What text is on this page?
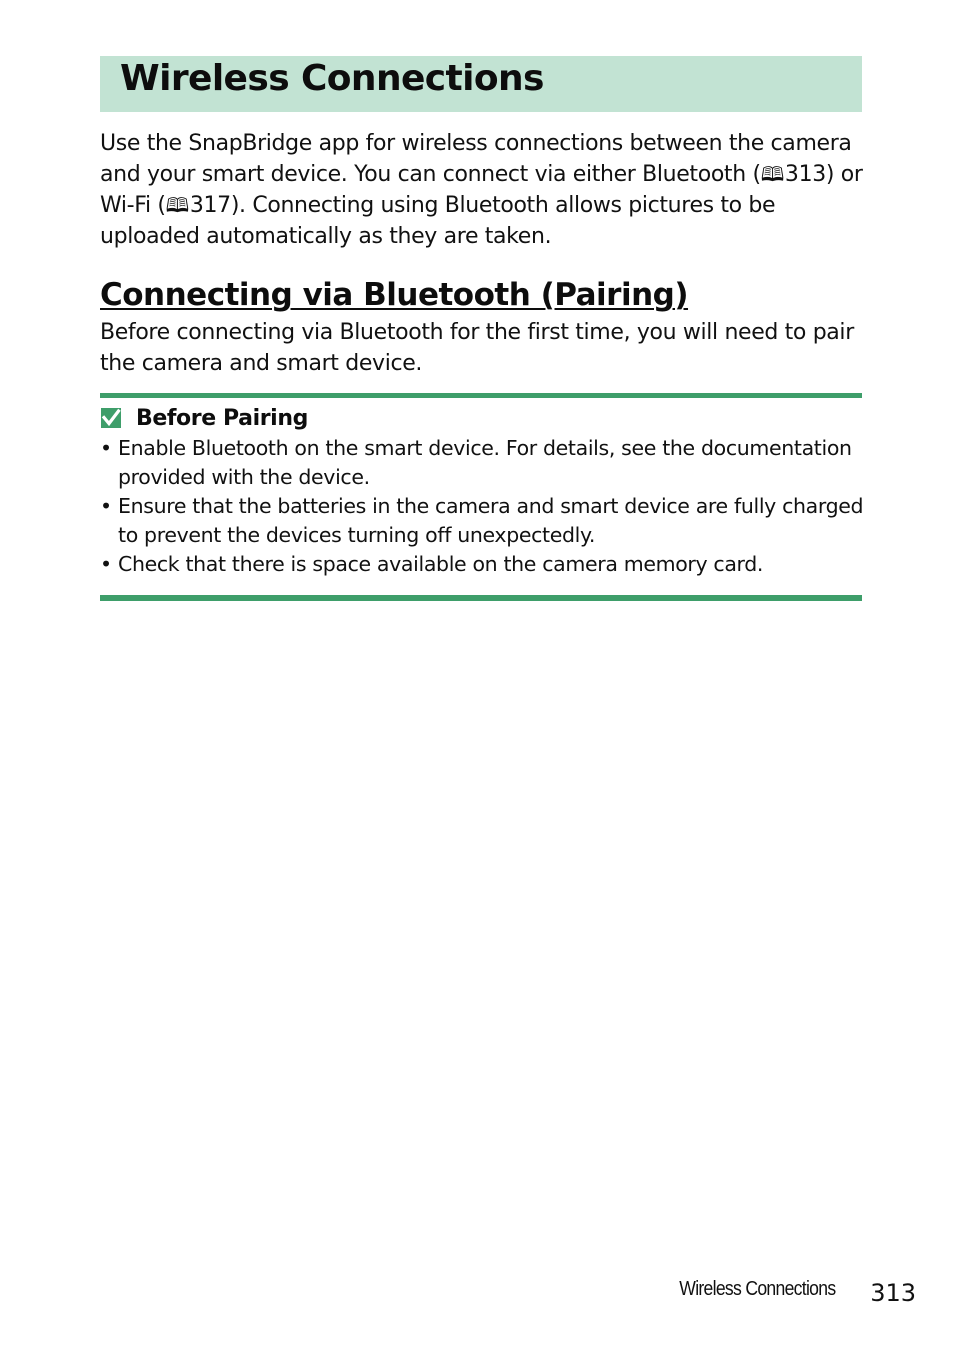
Wireless Connections

Use the SnapBridge app for wireless connections between the camera and your smart device. You can connect via either Bluetooth (🕮313) or Wi-Fi (🕮317). Connecting using Bluetooth allows pictures to be uploaded automatically as they are taken.

Connecting via Bluetooth (Pairing)

Before connecting via Bluetooth for the first time, you will need to pair the camera and smart device.

Before Pairing
• Enable Bluetooth on the smart device. For details, see the documentation provided with the device.
• Ensure that the batteries in the camera and smart device are fully charged to prevent the devices turning off unexpectedly.
• Check that there is space available on the camera memory card.
Wireless Connections 313
